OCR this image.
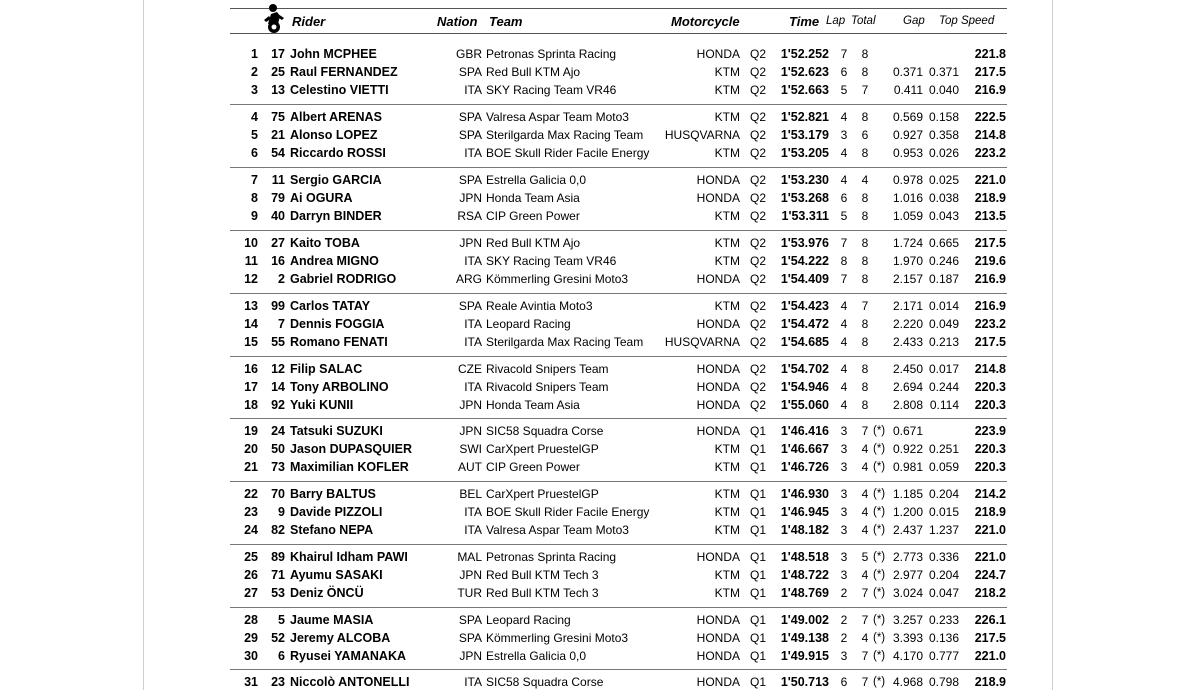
Rider	Nation Team	Motorcycle	Time Lap Total Gap Top Speed
1	17 John MCPHEE	GBR Petronas Sprinta Racing	HONDA Q2	1'52.252 7	8	221.8
2	25 Raul FERNANDEZ	SPA Red Bull KTM Ajo	KTM Q2	1'52.623 6	8	0.371 0.371	217.5
3	13 Celestino VIETTI	ITA SKY Racing Team VR46	KTM Q2	1'52.663 5	7	0.411 0.040	216.9
4	75 Albert ARENAS	SPA Valresa Aspar Team Moto3	KTM Q2	1'52.821 4	8	0.569 0.158	222.5
5	21 Alonso LOPEZ	SPA Sterilgarda Max Racing Team	HUSQVARNA Q2	1'53.179 3	6	0.927 0.358	214.8
6	54 Riccardo ROSSI	ITA BOE Skull Rider Facile Energy	KTM Q2	1'53.205 4	8	0.953 0.026	223.2
7	11 Sergio GARCIA	SPA Estrella Galicia 0,0	HONDA Q2	1'53.230 4	4	0.978 0.025	221.0
8	79 Ai OGURA	JPN Honda Team Asia	HONDA Q2	1'53.268 6	8	1.016 0.038	218.9
9	40 Darryn BINDER	RSA CIP Green Power	KTM Q2	1'53.311 5	8	1.059 0.043	213.5
10	27 Kaito TOBA	JPN Red Bull KTM Ajo	KTM Q2	1'53.976 7	8	1.724 0.665	217.5
11	16 Andrea MIGNO	ITA SKY Racing Team VR46	KTM Q2	1'54.222 8	8	1.970 0.246	219.6
12	2 Gabriel RODRIGO	ARG Kömmerling Gresini Moto3	HONDA Q2	1'54.409 7	8	2.157 0.187	216.9
13	99 Carlos TATAY	SPA Reale Avintia Moto3	KTM Q2	1'54.423 4	7	2.171 0.014	216.9
14	7 Dennis FOGGIA	ITA Leopard Racing	HONDA Q2	1'54.472 4	8	2.220 0.049	223.2
15	55 Romano FENATI	ITA Sterilgarda Max Racing Team	HUSQVARNA Q2	1'54.685 4	8	2.433 0.213	217.5
16	12 Filip SALAC	CZE Rivacold Snipers Team	HONDA Q2	1'54.702 4	8	2.450 0.017	214.8
17	14 Tony ARBOLINO	ITA Rivacold Snipers Team	HONDA Q2	1'54.946 4	8	2.694 0.244	220.3
18	92 Yuki KUNII	JPN Honda Team Asia	HONDA Q2	1'55.060 4	8	2.808 0.114	220.3
19	24 Tatsuki SUZUKI	JPN SIC58 Squadra Corse	HONDA Q1	1'46.416 3	7 (*) 0.671	223.9
20	50 Jason DUPASQUIER	SWI CarXpert PruestelGP	KTM Q1	1'46.667 3	4 (*) 0.922 0.251	220.3
21	73 Maximilian KOFLER	AUT CIP Green Power	KTM Q1	1'46.726 3	4 (*) 0.981 0.059	220.3
22	70 Barry BALTUS	BEL CarXpert PruestelGP	KTM Q1	1'46.930 3	4 (*) 1.185 0.204	214.2
23	9 Davide PIZZOLI	ITA BOE Skull Rider Facile Energy	KTM Q1	1'46.945 3	4 (*) 1.200 0.015	218.9
24	82 Stefano NEPA	ITA Valresa Aspar Team Moto3	KTM Q1	1'48.182 3	4 (*) 2.437 1.237	221.0
25	89 Khairul Idham PAWI	MAL Petronas Sprinta Racing	HONDA Q1	1'48.518 3	5 (*) 2.773 0.336	221.0
26	71 Ayumu SASAKI	JPN Red Bull KTM Tech 3	KTM Q1	1'48.722 3	4 (*) 2.977 0.204	224.7
27	53 Deniz ÖNCÜ	TUR Red Bull KTM Tech 3	KTM Q1	1'48.769 2	7 (*) 3.024 0.047	218.2
28	5 Jaume MASIA	SPA Leopard Racing	HONDA Q1	1'49.002 2	7 (*) 3.257 0.233	226.1
29	52 Jeremy ALCOBA	SPA Kömmerling Gresini Moto3	HONDA Q1	1'49.138 2	4 (*) 3.393 0.136	217.5
30	6 Ryusei YAMANAKA	JPN Estrella Galicia 0,0	HONDA Q1	1'49.915 3	7 (*) 4.170 0.777	221.0
31	23 Niccolò ANTONELLI	ITA SIC58 Squadra Corse	HONDA Q1	1'50.713 6	7 (*) 4.968 0.798	218.9
